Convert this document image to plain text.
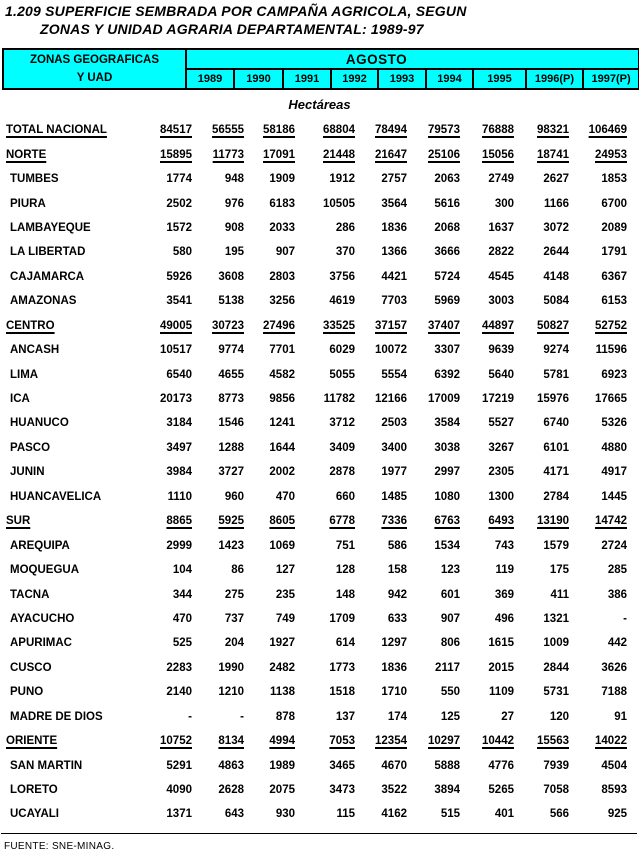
1.209 SUPERFICIE SEMBRADA POR CAMPAÑA AGRICOLA, SEGUN
ZONAS Y UNIDAD AGRARIA DEPARTAMENTAL: 1989-97
ZONAS GEOGRAFICAS
Y UAD	AGOSTO								
	1989	1990	1991	1992	1993	1994	1995	1996(P)	1997(P)
Hectáreas
TOTAL NACIONAL	84517	56555	58186	68804	78494	79573	76888	98321	106469
NORTE	15895	11773	17091	21448	21647	25106	15056	18741	24953
TUMBES	1774	948	1909	1912	2757	2063	2749	2627	1853
PIURA	2502	976	6183	10505	3564	5616	300	1166	6700
LAMBAYEQUE	1572	908	2033	286	1836	2068	1637	3072	2089
LA LIBERTAD	580	195	907	370	1366	3666	2822	2644	1791
CAJAMARCA	5926	3608	2803	3756	4421	5724	4545	4148	6367
AMAZONAS	3541	5138	3256	4619	7703	5969	3003	5084	6153
CENTRO	49005	30723	27496	33525	37157	37407	44897	50827	52752
ANCASH	10517	9774	7701	6029	10072	3307	9639	9274	11596
LIMA	6540	4655	4582	5055	5554	6392	5640	5781	6923
ICA	20173	8773	9856	11782	12166	17009	17219	15976	17665
HUANUCO	3184	1546	1241	3712	2503	3584	5527	6740	5326
PASCO	3497	1288	1644	3409	3400	3038	3267	6101	4880
JUNIN	3984	3727	2002	2878	1977	2997	2305	4171	4917
HUANCAVELICA	1110	960	470	660	1485	1080	1300	2784	1445
SUR	8865	5925	8605	6778	7336	6763	6493	13190	14742
AREQUIPA	2999	1423	1069	751	586	1534	743	1579	2724
MOQUEGUA	104	86	127	128	158	123	119	175	285
TACNA	344	275	235	148	942	601	369	411	386
AYACUCHO	470	737	749	1709	633	907	496	1321	-
APURIMAC	525	204	1927	614	1297	806	1615	1009	442
CUSCO	2283	1990	2482	1773	1836	2117	2015	2844	3626
PUNO	2140	1210	1138	1518	1710	550	1109	5731	7188
MADRE DE DIOS	-	-	878	137	174	125	27	120	91
ORIENTE	10752	8134	4994	7053	12354	10297	10442	15563	14022
SAN MARTIN	5291	4863	1989	3465	4670	5888	4776	7939	4504
LORETO	4090	2628	2075	3473	3522	3894	5265	7058	8593
UCAYALI	1371	643	930	115	4162	515	401	566	925
FUENTE: SNE-MINAG.
